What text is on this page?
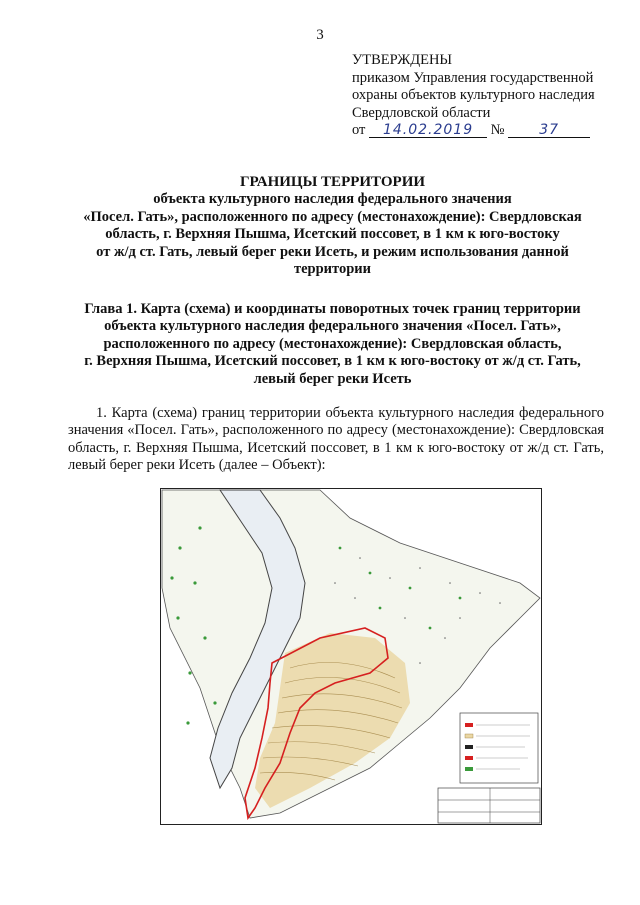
3
УТВЕРЖДЕНЫ
приказом Управления государственной
охраны объектов культурного наследия
Свердловской области
от 14.02.2019 № 37
ГРАНИЦЫ ТЕРРИТОРИИ
объекта культурного наследия федерального значения
«Посел. Гать», расположенного по адресу (местонахождение): Свердловская
область, г. Верхняя Пышма, Исетский поссовет, в 1 км к юго-востоку
от ж/д ст. Гать, левый берег реки Исеть, и режим использования данной
территории
Глава 1. Карта (схема) и координаты поворотных точек границ территории
объекта культурного наследия федерального значения «Посел. Гать»,
расположенного по адресу (местонахождение): Свердловская область,
г. Верхняя Пышма, Исетский поссовет, в 1 км к юго-востоку от ж/д ст. Гать,
левый берег реки Исеть
1. Карта (схема) границ территории объекта культурного наследия федерального значения «Посел. Гать», расположенного по адресу (местонахождение): Свердловская область, г. Верхняя Пышма, Исетский поссовет, в 1 км к юго-востоку от ж/д ст. Гать, левый берег реки Исеть (далее – Объект):
